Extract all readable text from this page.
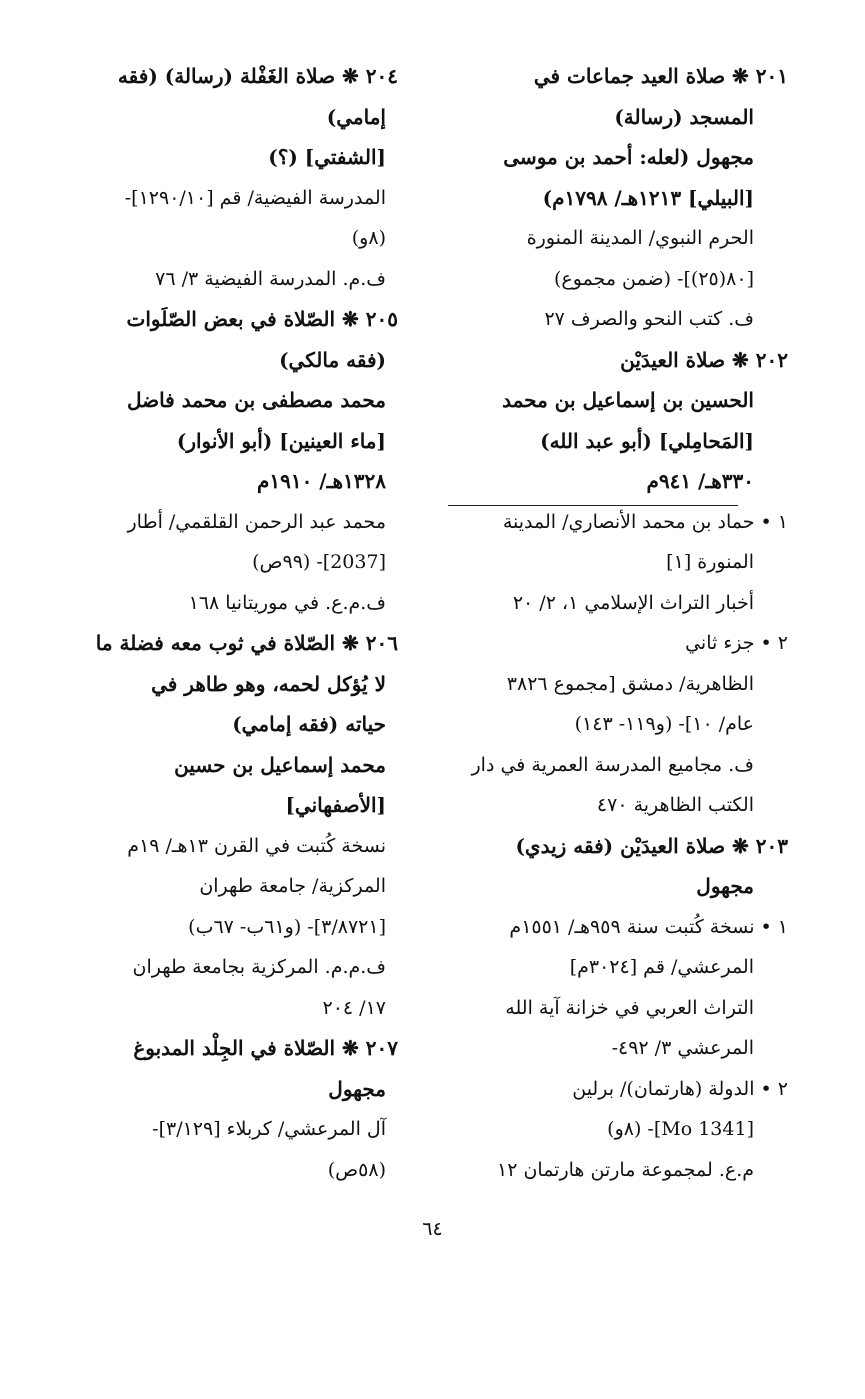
٢٠١ ❋ صلاة العيد جماعات في
المسجد (رسالة)
مجهول (لعله: أحمد بن موسى
[البيلي] ١٢١٣هـ/ ١٧٩٨م)
الحرم النبوي/ المدينة المنورة
[٨٠(٢٥)]- (ضمن مجموع)
ف. كتب النحو والصرف ٢٧
٢٠٢ ❋ صلاة العيدَيْن
الحسين بن إسماعيل بن محمد
[المَحامِلي] (أبو عبد الله)
٣٣٠هـ/ ٩٤١م
١ • حماد بن محمد الأنصاري/ المدينة
المنورة [١]
أخبار التراث الإسلامي ١، ٢/ ٢٠
٢ • جزء ثاني
الظاهرية/ دمشق [مجموع ٣٨٢٦
عام/ ١٠]- (و١١٩- ١٤٣)
ف. مجاميع المدرسة العمرية في دار
الكتب الظاهرية ٤٧٠
٢٠٣ ❋ صلاة العيدَيْن (فقه زيدي)
مجهول
١ • نسخة كُتبت سنة ٩٥٩هـ/ ١٥٥١م
المرعشي/ قم [٣٠٢٤م]
التراث العربي في خزانة آية الله
المرعشي ٣/ ٤٩٢-
٢ • الدولة (هارتمان)/ برلين
[Mo 1341]- (٨و)
م.ع. لمجموعة مارتن هارتمان ١٢
٢٠٤ ❋ صلاة الغَفْلة (رسالة) (فقه
إمامي)
[الشفتي] (؟)
المدرسة الفيضية/ قم [١٢٩٠/١٠]-
(٨و)
ف.م. المدرسة الفيضية ٣/ ٧٦
٢٠٥ ❋ الصّلاة في بعض الصّلَوات
(فقه مالكي)
محمد مصطفى بن محمد فاضل
[ماء العينين] (أبو الأنوار)
١٣٢٨هـ/ ١٩١٠م
محمد عبد الرحمن القلقمي/ أطار
[2037]- (٩٩ص)
ف.م.ع. في موريتانيا ١٦٨
٢٠٦ ❋ الصّلاة في ثوب معه فضلة ما
لا يُؤكل لحمه، وهو طاهر في
حياته (فقه إمامي)
محمد إسماعيل بن حسين
[الأصفهاني]
نسخة كُتبت في القرن ١٣هـ/ ١٩م
المركزية/ جامعة طهران
[٣/٨٧٢١]- (و٦١ب- ٦٧ب)
ف.م.م. المركزية بجامعة طهران
١٧/ ٢٠٤
٢٠٧ ❋ الصّلاة في الجِلْد المدبوغ
مجهول
آل المرعشي/ كربلاء [٣/١٢٩]-
(٥٨ص)
٦٤
